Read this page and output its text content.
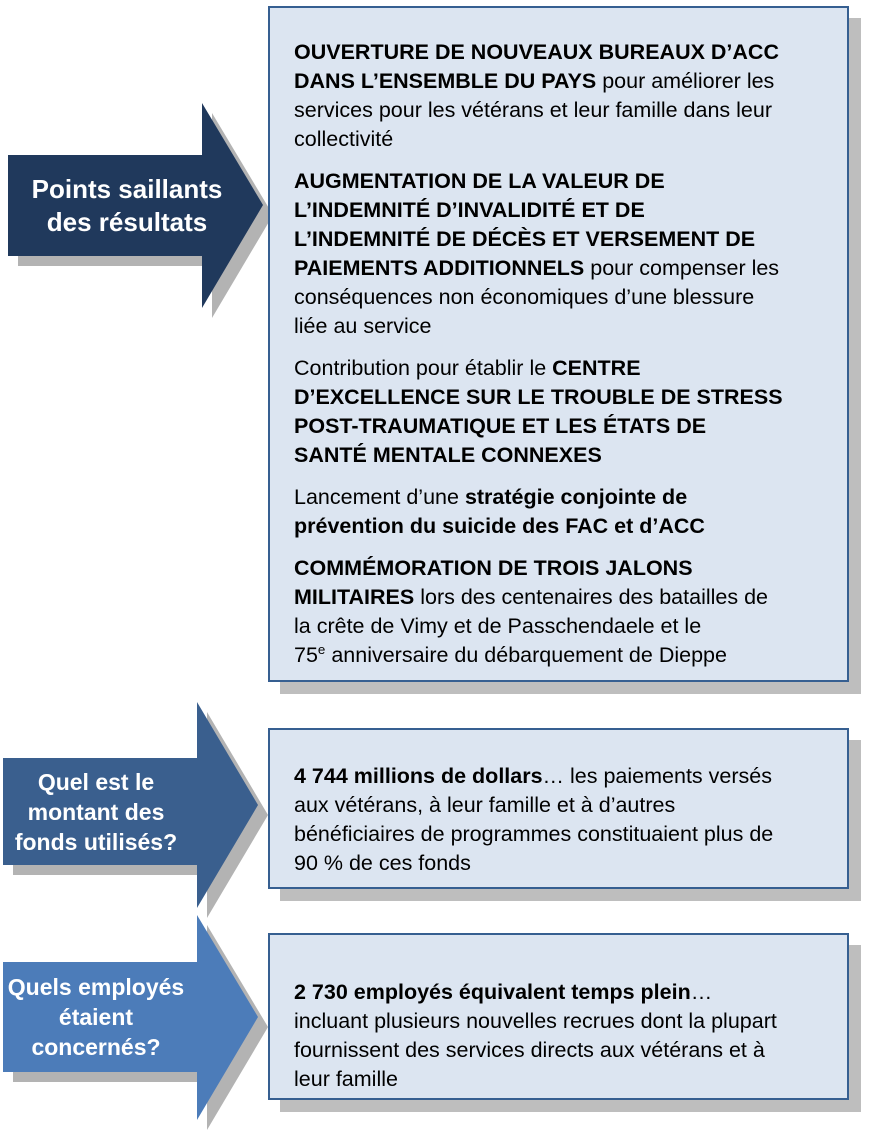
Points saillants
des résultats

OUVERTURE DE NOUVEAUX BUREAUX D’ACC
DANS L’ENSEMBLE DU PAYS pour améliorer les
services pour les vétérans et leur famille dans leur
collectivité

AUGMENTATION DE LA VALEUR DE
L’INDEMNITÉ D’INVALIDITÉ ET DE
L’INDEMNITÉ DE DÉCÈS ET VERSEMENT DE
PAIEMENTS ADDITIONNELS pour compenser les
conséquences non économiques d’une blessure
liée au service

Contribution pour établir le CENTRE
D’EXCELLENCE SUR LE TROUBLE DE STRESS
POST-TRAUMATIQUE ET LES ÉTATS DE
SANTÉ MENTALE CONNEXES

Lancement d’une stratégie conjointe de
prévention du suicide des FAC et d’ACC

COMMÉMORATION DE TROIS JALONS
MILITAIRES lors des centenaires des batailles de
la crête de Vimy et de Passchendaele et le
75e anniversaire du débarquement de Dieppe

Quel est le
montant des
fonds utilisés?

4 744 millions de dollars… les paiements versés
aux vétérans, à leur famille et à d’autres
bénéficiaires de programmes constituaient plus de
90 % de ces fonds

Quels employés
étaient
concernés?

2 730 employés équivalent temps plein…
incluant plusieurs nouvelles recrues dont la plupart
fournissent des services directs aux vétérans et à
leur famille
